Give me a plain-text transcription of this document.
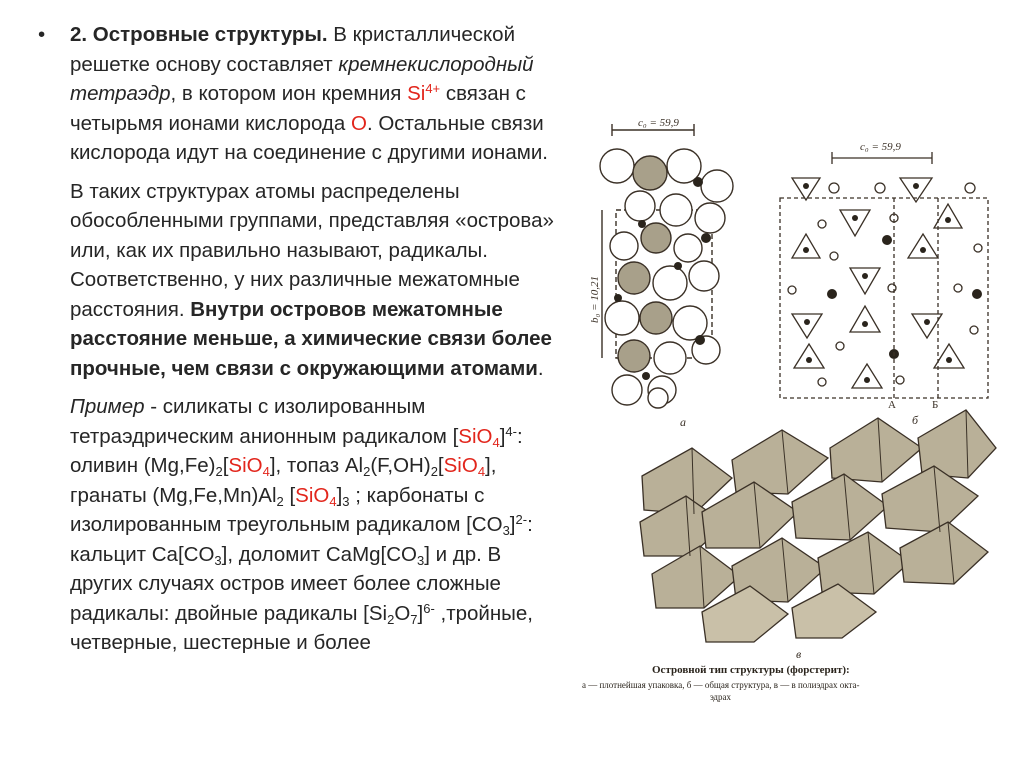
• 2. Островные структуры. В кристаллической решетке основу составляет кремнекислородный тетраэдр, в котором ион кремния $Si^{4+}$ связан с четырьмя ионами кислорода О. Остальные связи кислорода идут на соединение с другими ионами.

В таких структурах атомы распределены обособленными группами, представляя «острова» или, как их правильно называют, радикалы. Соответственно, у них различные межатомные расстояния. Внутри островов межатомные расстояние меньше, а химические связи более прочные, чем связи с окружающими атомами.

Пример - силикаты с изолированным тетраэдрическим анионным радикалом $[SiO_4]^{4-}$: оливин $(Mg,Fe)_2[SiO_4]$, топаз $Al_2(F,OH)_2[SiO_4]$, гранаты $(Mg,Fe,Mn)Al_2$ $[SiO_4]_3$ ; карбонаты с изолированным треугольным радикалом $[CO_3]^{2-}$: кальцит $Ca[CO_3]$, доломит $CaMg[CO_3]$ и др. В других случаях остров имеет более сложные радикалы: двойные радикалы $[Si_2O_7]^{6-}$ ,тройные, четверные, шестерные и более

c₀ = 59,9
b₀ = 10,21
а
c₀ = 59,9
А	Б
б
в
Островной тип структуры (форстерит):
а — плотнейшая упаковка, б — общая структура, в — в полиэдрах окта-
эдрах
